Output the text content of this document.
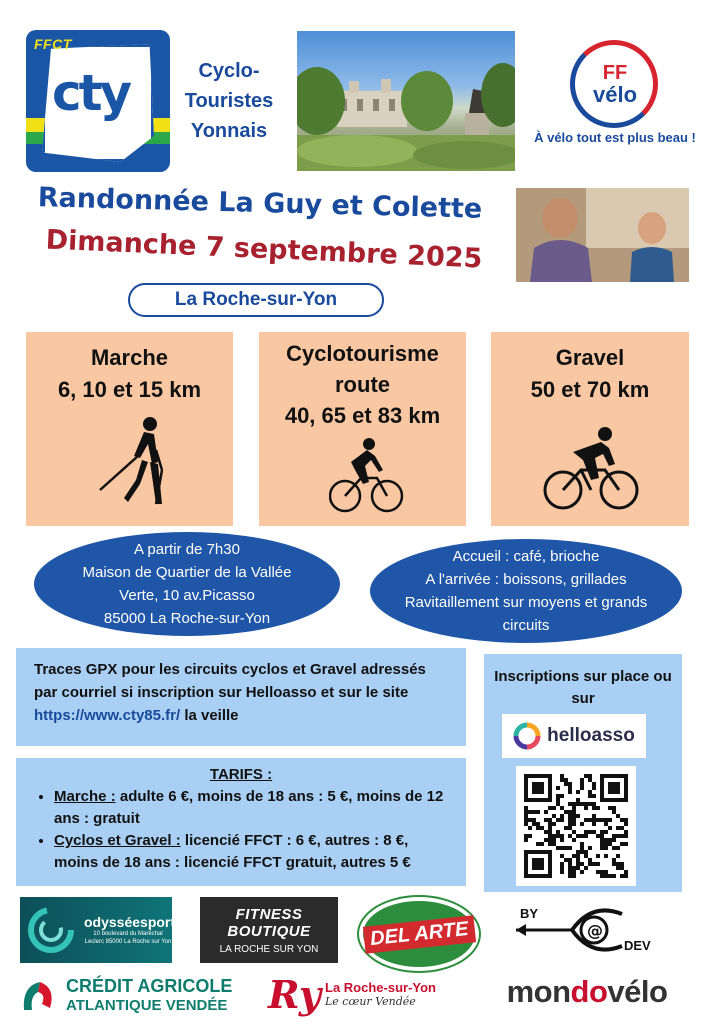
FFCT
cty
85
Cyclo-
Touristes
Yonnais
FF
vélo
À vélo tout est plus beau !
Randonnée La Guy et Colette
Dimanche 7 septembre 2025
La Roche-sur-Yon
Marche
6, 10 et 15 km
Cyclotourisme
route
40, 65 et 83 km
Gravel
50 et 70 km
A partir de 7h30
Maison de Quartier de la Vallée
Verte, 10 av.Picasso
85000 La Roche-sur-Yon
Accueil : café, brioche
A l'arrivée : boissons, grillades
Ravitaillement sur moyens et grands
circuits
Traces GPX pour les circuits cyclos et Gravel adressés par courriel si inscription sur Helloasso et sur le site https://www.cty85.fr/ la veille
TARIFS :
• Marche : adulte 6 €, moins de 18 ans : 5 €, moins de 12 ans : gratuit
• Cyclos et Gravel : licencié FFCT : 6 €, autres : 8 €, moins de 18 ans : licencié FFCT gratuit, autres 5 €
Inscriptions sur place ou sur
helloasso
odysséesport
10 boulevard du Maréchal Leclerc 85000 La Roche sur Yon
FITNESS BOUTIQUE
LA ROCHE SUR YON	DEL ARTE	@
BY
DEV
CRÉDIT AGRICOLE
ATLANTIQUE VENDÉE Ry La Roche-sur-Yon
Le cœur Vendée	mon do vélo
